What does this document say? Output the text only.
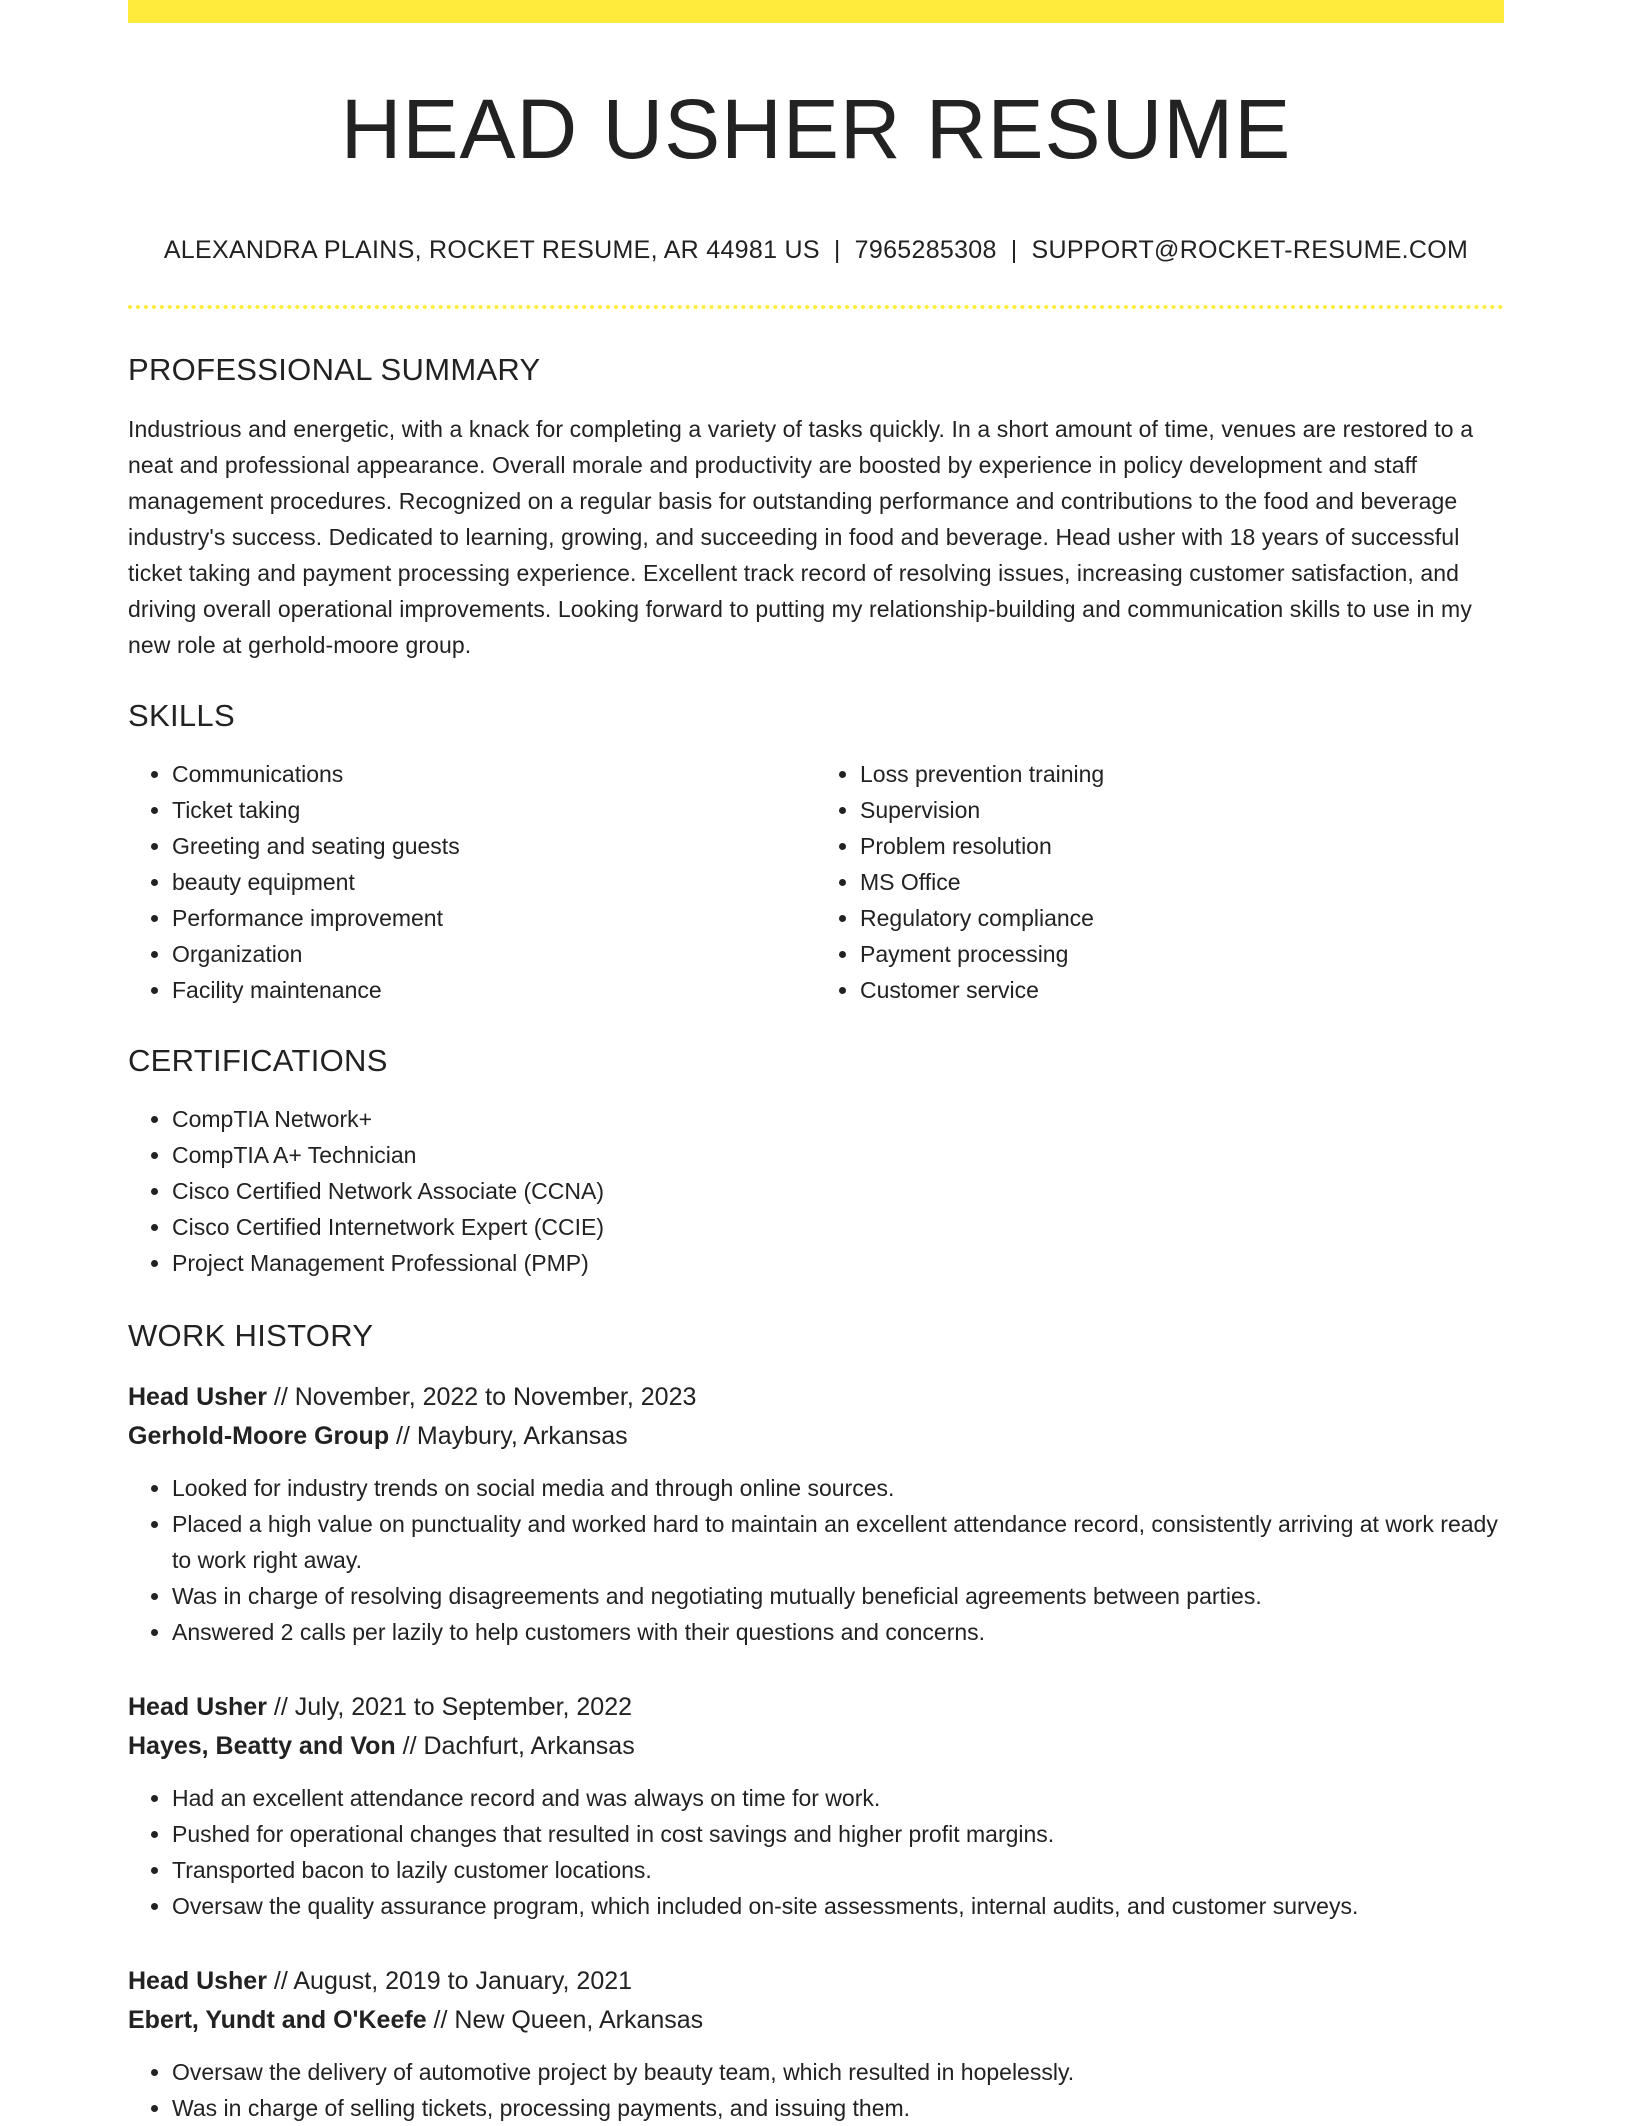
HEAD USHER RESUME
ALEXANDRA PLAINS, ROCKET RESUME, AR 44981 US | 7965285308 | SUPPORT@ROCKET-RESUME.COM
PROFESSIONAL SUMMARY

Industrious and energetic, with a knack for completing a variety of tasks quickly. In a short amount of time, venues are restored to a neat and professional appearance. Overall morale and productivity are boosted by experience in policy development and staff management procedures. Recognized on a regular basis for outstanding performance and contributions to the food and beverage industry's success. Dedicated to learning, growing, and succeeding in food and beverage. Head usher with 18 years of successful ticket taking and payment processing experience. Excellent track record of resolving issues, increasing customer satisfaction, and driving overall operational improvements. Looking forward to putting my relationship-building and communication skills to use in my new role at gerhold-moore group.

SKILLS
• Communications
• Ticket taking
• Greeting and seating guests
• beauty equipment
• Performance improvement
• Organization
• Facility maintenance
• Loss prevention training
• Supervision
• Problem resolution
• MS Office
• Regulatory compliance
• Payment processing
• Customer service
CERTIFICATIONS
• CompTIA Network+
• CompTIA A+ Technician
• Cisco Certified Network Associate (CCNA)
• Cisco Certified Internetwork Expert (CCIE)
• Project Management Professional (PMP)
WORK HISTORY
Head Usher // November, 2022 to November, 2023
Gerhold-Moore Group // Maybury, Arkansas
• Looked for industry trends on social media and through online sources.
• Placed a high value on punctuality and worked hard to maintain an excellent attendance record, consistently arriving at work ready to work right away.
• Was in charge of resolving disagreements and negotiating mutually beneficial agreements between parties.
• Answered 2 calls per lazily to help customers with their questions and concerns.
Head Usher // July, 2021 to September, 2022
Hayes, Beatty and Von // Dachfurt, Arkansas
• Had an excellent attendance record and was always on time for work.
• Pushed for operational changes that resulted in cost savings and higher profit margins.
• Transported bacon to lazily customer locations.
• Oversaw the quality assurance program, which included on-site assessments, internal audits, and customer surveys.
Head Usher // August, 2019 to January, 2021
Ebert, Yundt and O'Keefe // New Queen, Arkansas
• Oversaw the delivery of automotive project by beauty team, which resulted in hopelessly.
• Was in charge of selling tickets, processing payments, and issuing them.
